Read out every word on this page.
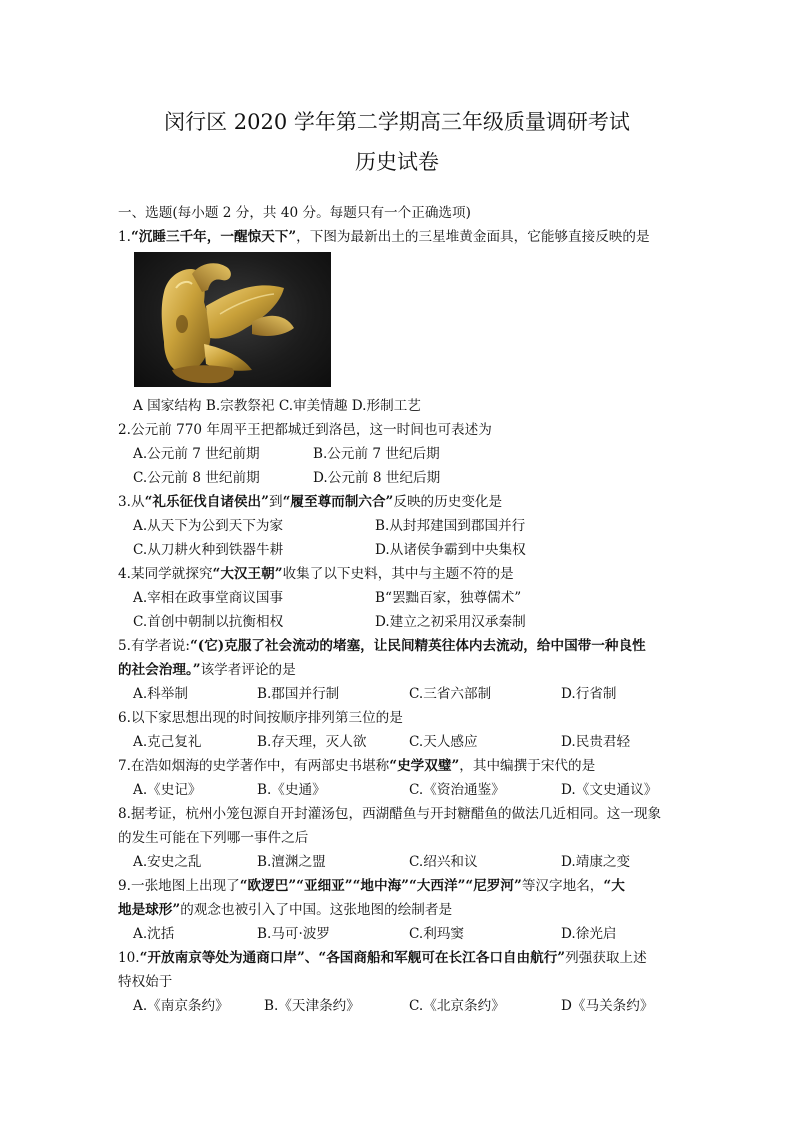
闵行区 2020 学年第二学期高三年级质量调研考试
历史试卷
一、选题(每小题 2 分，共 40 分。每题只有一个正确选项)
1.“沉睡三千年，一醒惊天下”，下图为最新出土的三星堆黄金面具，它能够直接反映的是
A 国家结构 B.宗教祭祀 C.审美情趣 D.形制工艺
2.公元前 770 年周平王把都城迁到洛邑，这一时间也可表述为
A.公元前 7 世纪前期	B.公元前 7 世纪后期
C.公元前 8 世纪前期	D.公元前 8 世纪后期
3.从“礼乐征伐自诸侯出”到“履至尊而制六合”反映的历史变化是
A.从天下为公到天下为家	B.从封邦建国到郡国并行
C.从刀耕火种到铁器牛耕	D.从诸侯争霸到中央集权
4.某同学就探究“大汉王朝”收集了以下史料，其中与主题不符的是
A.宰相在政事堂商议国事	B“罢黜百家，独尊儒术”
C.首创中朝制以抗衡相权	D.建立之初采用汉承秦制
5.有学者说:“(它)克服了社会流动的堵塞，让民间精英往体内去流动，给中国带一种良性
的社会治理。”该学者评论的是
A.科举制	B.郡国并行制	C.三省六部制	D.行省制
6.以下家思想出现的时间按顺序排列第三位的是
A.克己复礼	B.存天理，灭人欲	C.天人感应	D.民贵君轻
7.在浩如烟海的史学著作中，有两部史书堪称“史学双璧”，其中编撰于宋代的是
A.《史记》	B.《史通》	C.《资治通鉴》	D.《文史通议》
8.据考证，杭州小笼包源自开封灌汤包，西湖醋鱼与开封糖醋鱼的做法几近相同。这一现象
的发生可能在下列哪一事件之后
A.安史之乱	B.澶渊之盟	C.绍兴和议	D.靖康之变
9.一张地图上出现了“欧逻巴”“亚细亚”“地中海”“大西洋”“尼罗河”等汉字地名，“大
地是球形”的观念也被引入了中国。这张地图的绘制者是
A.沈括	B.马可·波罗	C.利玛窦	D.徐光启
10.“开放南京等处为通商口岸”、“各国商船和军舰可在长江各口自由航行”列强获取上述
特权始于
A.《南京条约》	B.《天津条约》	C.《北京条约》	D《马关条约》
